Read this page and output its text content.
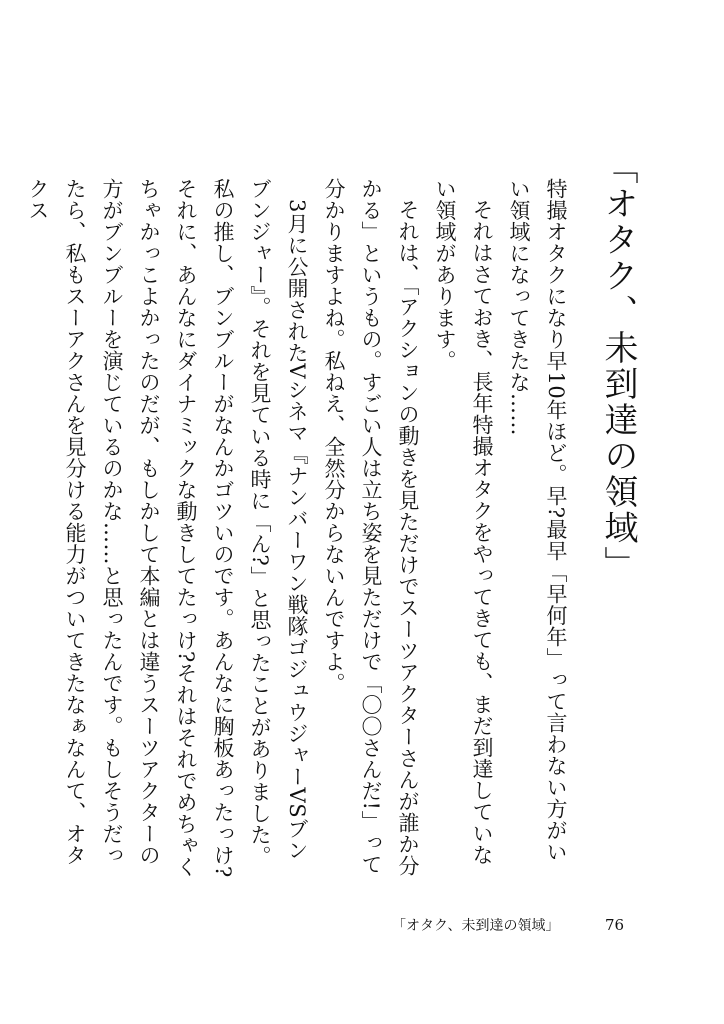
「オタク、未到達の領域」

特撮オタクになり早10年ほど。早?最早「早何年」って言わない方がいい領域になってきたな……

それはさておき、長年特撮オタクをやってきても、まだ到達していない領域があります。

それは、「アクションの動きを見ただけでスーツアクターさんが誰か分かる」というもの。すごい人は立ち姿を見ただけで「〇〇さんだ!」って分かりますよね。私ねえ、全然分からないんですよ。

3月に公開されたVシネマ『ナンバーワン戦隊ゴジュウジャーVSブンブンジャー』。それを見ている時に「ん?」と思ったことがありました。私の推し、ブンブルーがなんかゴツいのです。あんなに胸板あったっけ?それに、あんなにダイナミックな動きしてたっけ?それはそれでめちゃくちゃかっこよかったのだが、もしかして本編とは違うスーツアクターの方がブンブルーを演じているのかな……と思ったんです。もしそうだったら、私もスーアクさんを見分ける能力がついてきたなぁなんて、オタクス

「オタク、未到達の領域」	76
